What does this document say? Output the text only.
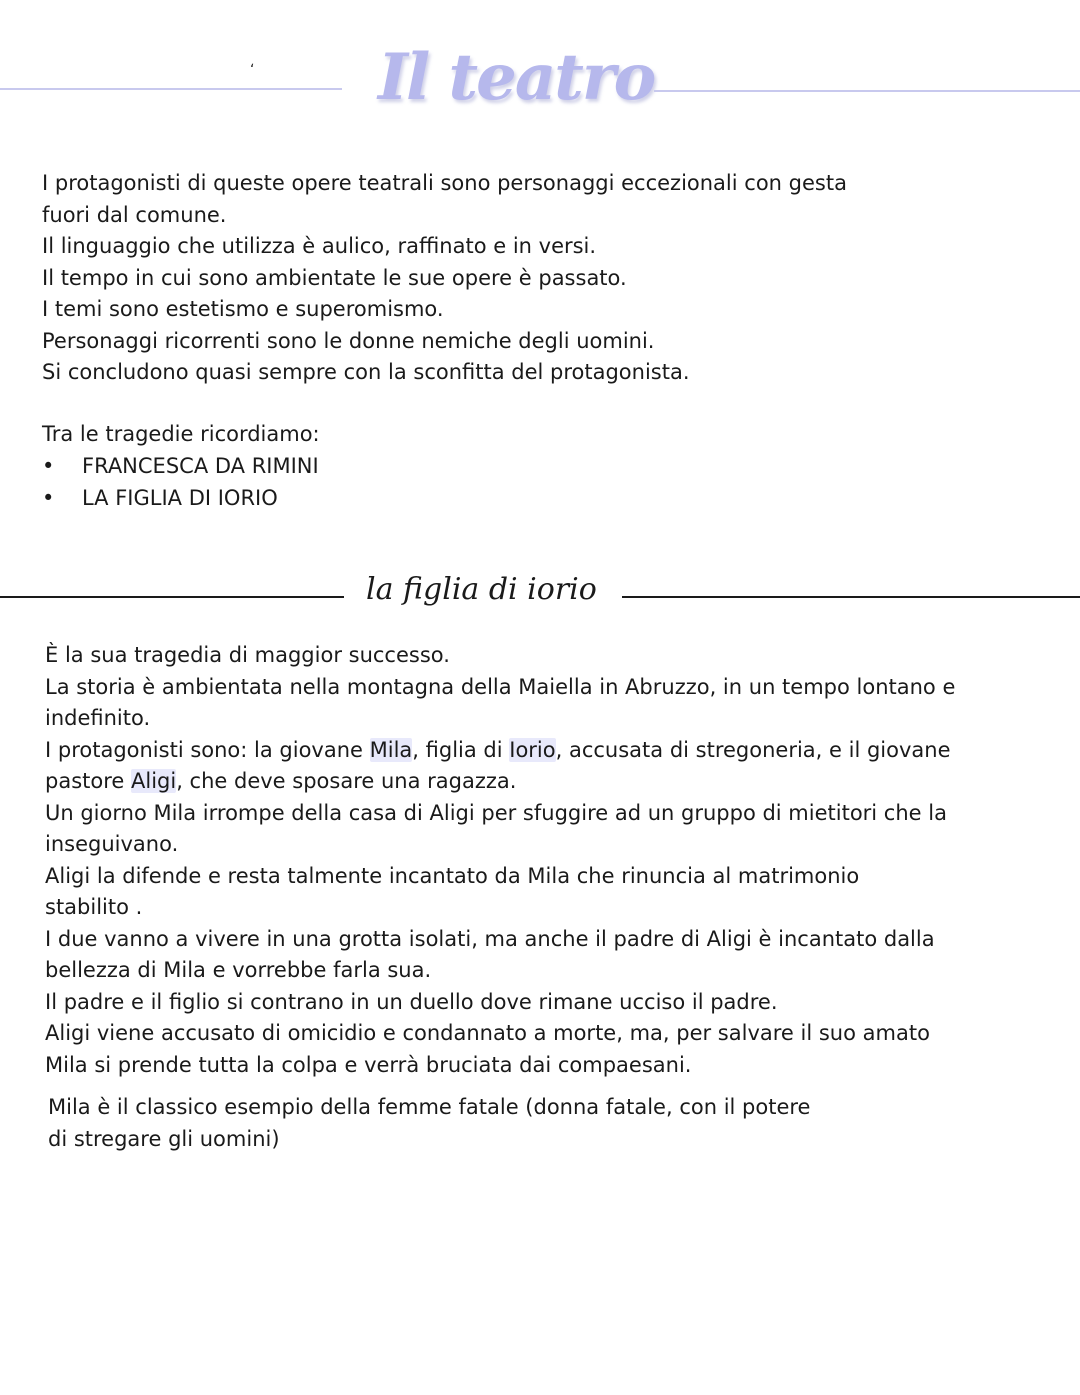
ʻ Il teatro

I protagonisti di queste opere teatrali sono personaggi eccezionali con gesta

fuori dal comune.

Il linguaggio che utilizza è aulico, raffinato e in versi.

Il tempo in cui sono ambientate le sue opere è passato.

I temi sono estetismo e superomismo.

Personaggi ricorrenti sono le donne nemiche degli uomini.

Si concludono quasi sempre con la sconfitta del protagonista.

Tra le tragedie ricordiamo:
• FRANCESCA DA RIMINI
• LA FIGLIA DI IORIO
la figlia di iorio

È la sua tragedia di maggior successo.

La storia è ambientata nella montagna della Maiella in Abruzzo, in un tempo lontano e

indefinito.

I protagonisti sono: la giovane Mila, figlia di Iorio, accusata di stregoneria, e il giovane

pastore Aligi, che deve sposare una ragazza.

Un giorno Mila irrompe della casa di Aligi per sfuggire ad un gruppo di mietitori che la

inseguivano.

Aligi la difende e resta talmente incantato da Mila che rinuncia al matrimonio

stabilito .

I due vanno a vivere in una grotta isolati, ma anche il padre di Aligi è incantato dalla

bellezza di Mila e vorrebbe farla sua.

Il padre e il figlio si contrano in un duello dove rimane ucciso il padre.

Aligi viene accusato di omicidio e condannato a morte, ma, per salvare il suo amato

Mila si prende tutta la colpa e verrà bruciata dai compaesani.

Mila è il classico esempio della femme fatale (donna fatale, con il potere

di stregare gli uomini)
